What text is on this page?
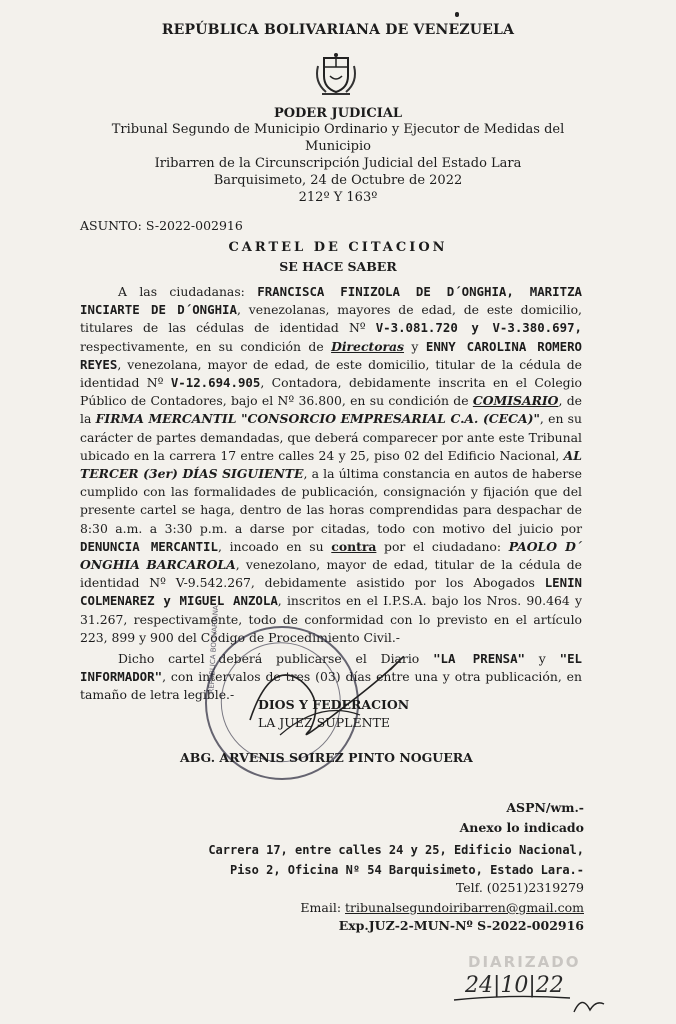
REPÚBLICA BOLIVARIANA DE VENEZUELA
PODER JUDICIAL
Tribunal Segundo de Municipio Ordinario y Ejecutor de Medidas del Municipio
Iribarren de la Circunscripción Judicial del Estado Lara
Barquisimeto, 24 de Octubre de 2022
212º Y 163º
ASUNTO: S-2022-002916
CARTEL DE CITACION
SE HACE SABER
A las ciudadanas: FRANCISCA FINIZOLA DE D´ONGHIA, MARITZA INCIARTE DE D´ONGHIA, venezolanas, mayores de edad, de este domicilio, titulares de las cédulas de identidad Nº V-3.081.720 y V-3.380.697, respectivamente, en su condición de Directoras y ENNY CAROLINA ROMERO REYES, venezolana, mayor de edad, de este domicilio, titular de la cédula de identidad Nº V-12.694.905, Contadora, debidamente inscrita en el Colegio Público de Contadores, bajo el Nº 36.800, en su condición de COMISARIO, de la FIRMA MERCANTIL "CONSORCIO EMPRESARIAL C.A. (CECA)", en su carácter de partes demandadas, que deberá comparecer por ante este Tribunal ubicado en la carrera 17 entre calles 24 y 25, piso 02 del Edificio Nacional, AL TERCER (3er) DÍAS SIGUIENTE, a la última constancia en autos de haberse cumplido con las formalidades de publicación, consignación y fijación que del presente cartel se haga, dentro de las horas comprendidas para despachar de 8:30 a.m. a 3:30 p.m. a darse por citadas, todo con motivo del juicio por DENUNCIA MERCANTIL, incoado en su contra por el ciudadano: PAOLO D´ ONGHIA BARCAROLA, venezolano, mayor de edad, titular de la cédula de identidad Nº V-9.542.267, debidamente asistido por los Abogados LENIN COLMENAREZ y MIGUEL ANZOLA, inscritos en el I.P.S.A. bajo los Nros. 90.464 y 31.267, respectivamente, todo de conformidad con lo previsto en el artículo 223, 899 y 900 del Código de Procedimiento Civil.-
Dicho cartel deberá publicarse el Diario "LA PRENSA" y "EL INFORMADOR", con intervalos de tres (03) días entre una y otra publicación, en tamaño de letra legible.-
REPUBLICA BOLIVARIANA
DIOS Y FEDERACION
LA JUEZ SUPLENTE
ABG. ARVENIS SOIREZ PINTO NOGUERA
ASPN/wm.-
Anexo lo indicado
Carrera 17, entre calles 24 y 25, Edificio Nacional,
Piso 2, Oficina Nº 54 Barquisimeto, Estado Lara.-
Telf. (0251)2319279
Email: tribunalsegundoiribarren@gmail.com
Exp.JUZ-2-MUN-Nº S-2022-002916
DIARIZADO
24|10|22
